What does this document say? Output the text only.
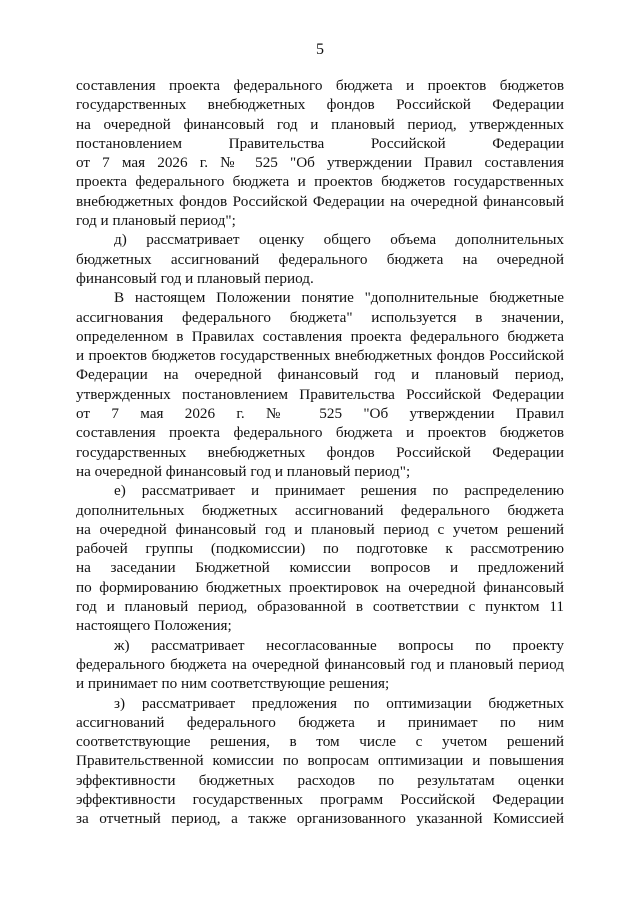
5
составления проекта федерального бюджета и проектов бюджетов
государственных внебюджетных фондов Российской Федерации
на очередной финансовый год и плановый период, утвержденных
постановлением Правительства Российской Федерации
от 7 мая 2026 г. № 525 "Об утверждении Правил составления
проекта федерального бюджета и проектов бюджетов государственных
внебюджетных фондов Российской Федерации на очередной финансовый
год и плановый период";
д) рассматривает оценку общего объема дополнительных
бюджетных ассигнований федерального бюджета на очередной
финансовый год и плановый период.
В настоящем Положении понятие "дополнительные бюджетные
ассигнования федерального бюджета" используется в значении,
определенном в Правилах составления проекта федерального бюджета
и проектов бюджетов государственных внебюджетных фондов Российской
Федерации на очередной финансовый год и плановый период,
утвержденных постановлением Правительства Российской Федерации
от 7 мая 2026 г. № 525 "Об утверждении Правил
составления проекта федерального бюджета и проектов бюджетов
государственных внебюджетных фондов Российской Федерации
на очередной финансовый год и плановый период";
е) рассматривает и принимает решения по распределению
дополнительных бюджетных ассигнований федерального бюджета
на очередной финансовый год и плановый период с учетом решений
рабочей группы (подкомиссии) по подготовке к рассмотрению
на заседании Бюджетной комиссии вопросов и предложений
по формированию бюджетных проектировок на очередной финансовый
год и плановый период, образованной в соответствии с пунктом 11
настоящего Положения;
ж) рассматривает несогласованные вопросы по проекту
федерального бюджета на очередной финансовый год и плановый период
и принимает по ним соответствующие решения;
з) рассматривает предложения по оптимизации бюджетных
ассигнований федерального бюджета и принимает по ним
соответствующие решения, в том числе с учетом решений
Правительственной комиссии по вопросам оптимизации и повышения
эффективности бюджетных расходов по результатам оценки
эффективности государственных программ Российской Федерации
за отчетный период, а также организованного указанной Комиссией
